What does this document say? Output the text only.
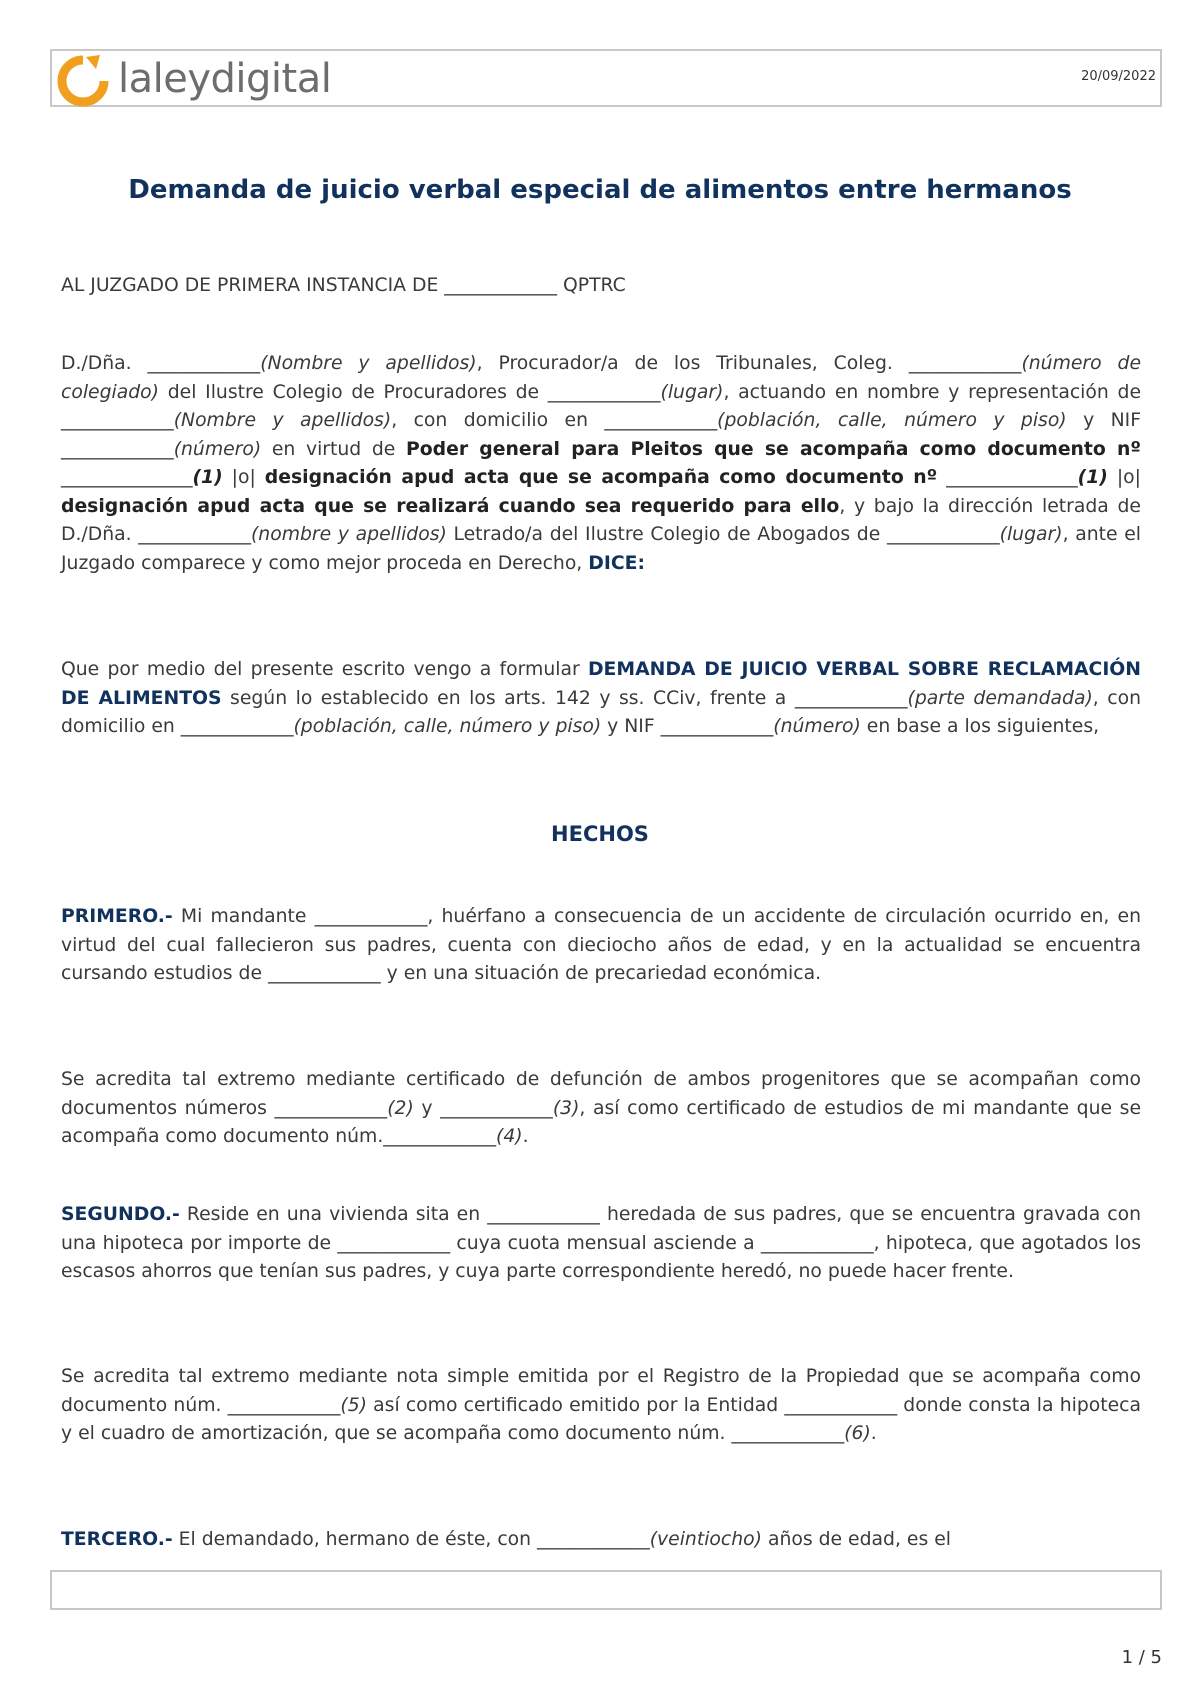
laleydigital	20/09/2022
Demanda de juicio verbal especial de alimentos entre hermanos
AL JUZGADO DE PRIMERA INSTANCIA DE ____________ QPTRC
D./Dña. ____________(Nombre y apellidos), Procurador/a de los Tribunales, Coleg. ____________(número de colegiado) del Ilustre Colegio de Procuradores de ____________(lugar), actuando en nombre y representación de ____________(Nombre y apellidos), con domicilio en ____________(población, calle, número y piso) y NIF ____________(número) en virtud de Poder general para Pleitos que se acompaña como documento nº ______________(1) |o| designación apud acta que se acompaña como documento nº ______________(1) |o| designación apud acta que se realizará cuando sea requerido para ello, y bajo la dirección letrada de D./Dña. ____________(nombre y apellidos) Letrado/a del Ilustre Colegio de Abogados de ____________(lugar), ante el Juzgado comparece y como mejor proceda en Derecho, DICE:
Que por medio del presente escrito vengo a formular DEMANDA DE JUICIO VERBAL SOBRE RECLAMACIÓN DE ALIMENTOS según lo establecido en los arts. 142 y ss. CCiv, frente a ____________(parte demandada), con domicilio en ____________(población, calle, número y piso) y NIF ____________(número) en base a los siguientes,
HECHOS
PRIMERO.- Mi mandante ____________, huérfano a consecuencia de un accidente de circulación ocurrido en, en virtud del cual fallecieron sus padres, cuenta con dieciocho años de edad, y en la actualidad se encuentra cursando estudios de ____________ y en una situación de precariedad económica.
Se acredita tal extremo mediante certificado de defunción de ambos progenitores que se acompañan como documentos números ____________(2) y ____________(3), así como certificado de estudios de mi mandante que se acompaña como documento núm.____________(4).
SEGUNDO.- Reside en una vivienda sita en ____________ heredada de sus padres, que se encuentra gravada con una hipoteca por importe de ____________ cuya cuota mensual asciende a ____________, hipoteca, que agotados los escasos ahorros que tenían sus padres, y cuya parte correspondiente heredó, no puede hacer frente.
Se acredita tal extremo mediante nota simple emitida por el Registro de la Propiedad que se acompaña como documento núm. ____________(5) así como certificado emitido por la Entidad ____________ donde consta la hipoteca y el cuadro de amortización, que se acompaña como documento núm. ____________(6).
TERCERO.- El demandado, hermano de éste, con ____________(veintiocho) años de edad, es el
1 / 5
